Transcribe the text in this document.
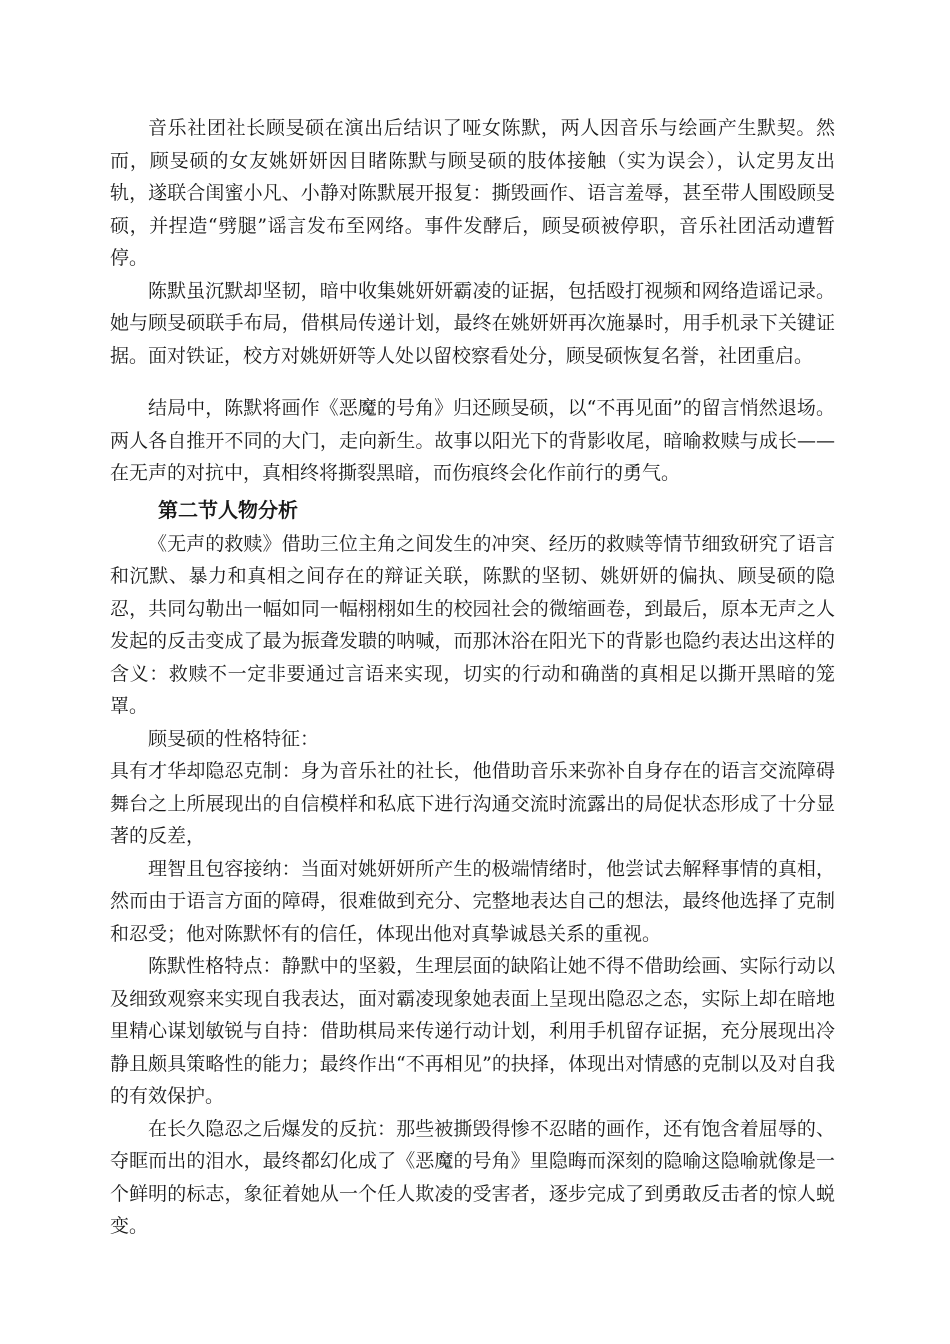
音乐社团社长顾旻硕在演出后结识了哑女陈默，两人因音乐与绘画产生默契。然而，顾旻硕的女友姚妍妍因目睹陈默与顾旻硕的肢体接触（实为误会），认定男友出轨，遂联合闺蜜小凡、小静对陈默展开报复：撕毁画作、语言羞辱，甚至带人围殴顾旻硕，并捏造“劈腿”谣言发布至网络。事件发酵后，顾旻硕被停职，音乐社团活动遭暂停。

陈默虽沉默却坚韧，暗中收集姚妍妍霸凌的证据，包括殴打视频和网络造谣记录。她与顾旻硕联手布局，借棋局传递计划，最终在姚妍妍再次施暴时，用手机录下关键证据。面对铁证，校方对姚妍妍等人处以留校察看处分，顾旻硕恢复名誉，社团重启。

结局中，陈默将画作《恶魔的号角》归还顾旻硕，以“不再见面”的留言悄然退场。两人各自推开不同的大门，走向新生。故事以阳光下的背影收尾，暗喻救赎与成长——在无声的对抗中，真相终将撕裂黑暗，而伤痕终会化作前行的勇气。

第二节人物分析

《无声的救赎》借助三位主角之间发生的冲突、经历的救赎等情节细致研究了语言和沉默、暴力和真相之间存在的辩证关联，陈默的坚韧、姚妍妍的偏执、顾旻硕的隐忍，共同勾勒出一幅如同一幅栩栩如生的校园社会的微缩画卷，到最后，原本无声之人发起的反击变成了最为振聋发聩的呐喊，而那沐浴在阳光下的背影也隐约表达出这样的含义：救赎不一定非要通过言语来实现，切实的行动和确凿的真相足以撕开黑暗的笼罩。

顾旻硕的性格特征：

具有才华却隐忍克制：身为音乐社的社长，他借助音乐来弥补自身存在的语言交流障碍舞台之上所展现出的自信模样和私底下进行沟通交流时流露出的局促状态形成了十分显著的反差，

理智且包容接纳：当面对姚妍妍所产生的极端情绪时，他尝试去解释事情的真相，然而由于语言方面的障碍，很难做到充分、完整地表达自己的想法，最终他选择了克制和忍受；他对陈默怀有的信任，体现出他对真挚诚恳关系的重视。

陈默性格特点：静默中的坚毅，生理层面的缺陷让她不得不借助绘画、实际行动以及细致观察来实现自我表达，面对霸凌现象她表面上呈现出隐忍之态，实际上却在暗地里精心谋划敏锐与自持：借助棋局来传递行动计划，利用手机留存证据，充分展现出冷静且颇具策略性的能力；最终作出“不再相见”的抉择，体现出对情感的克制以及对自我的有效保护。

在长久隐忍之后爆发的反抗：那些被撕毁得惨不忍睹的画作，还有饱含着屈辱的、夺眶而出的泪水，最终都幻化成了《恶魔的号角》里隐晦而深刻的隐喻这隐喻就像是一个鲜明的标志，象征着她从一个任人欺凌的受害者，逐步完成了到勇敢反击者的惊人蜕变。
